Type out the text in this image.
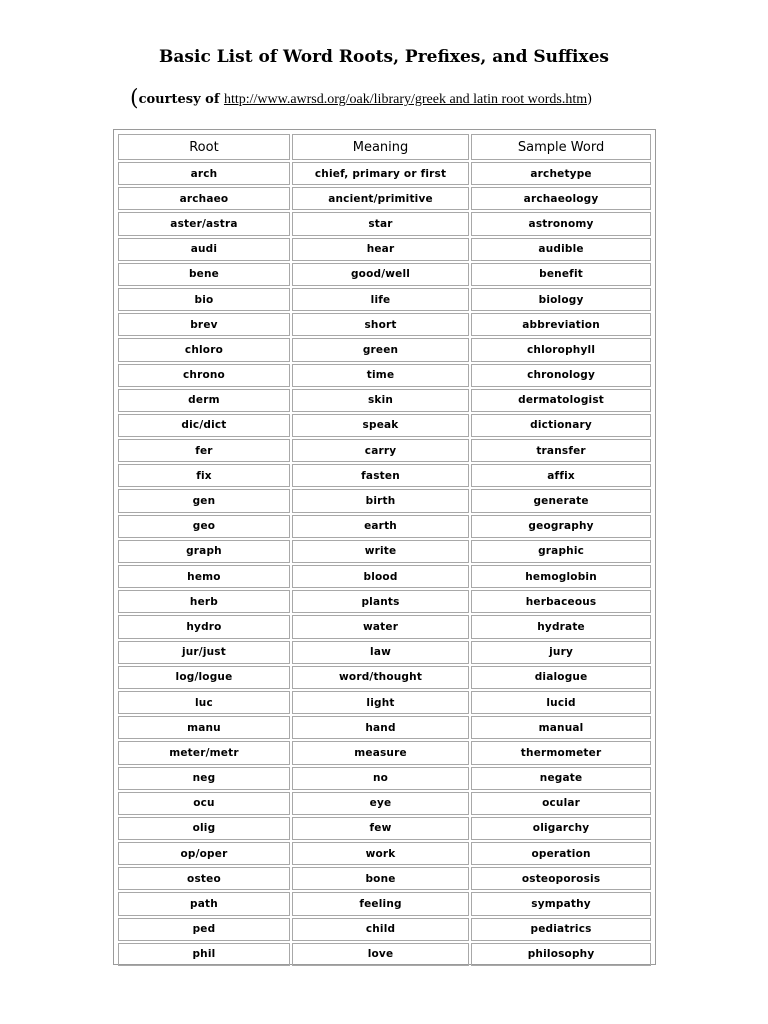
Basic List of Word Roots, Prefixes, and Suffixes
(courtesy of http://www.awrsd.org/oak/library/greek and latin root words.htm)
Root	Meaning	Sample Word
arch	chief, primary or first	archetype
archaeo	ancient/primitive	archaeology
aster/astra	star	astronomy
audi	hear	audible
bene	good/well	benefit
bio	life	biology
brev	short	abbreviation
chloro	green	chlorophyll
chrono	time	chronology
derm	skin	dermatologist
dic/dict	speak	dictionary
fer	carry	transfer
fix	fasten	affix
gen	birth	generate
geo	earth	geography
graph	write	graphic
hemo	blood	hemoglobin
herb	plants	herbaceous
hydro	water	hydrate
jur/just	law	jury
log/logue	word/thought	dialogue
luc	light	lucid
manu	hand	manual
meter/metr	measure	thermometer
neg	no	negate
ocu	eye	ocular
olig	few	oligarchy
op/oper	work	operation
osteo	bone	osteoporosis
path	feeling	sympathy
ped	child	pediatrics
phil	love	philosophy
